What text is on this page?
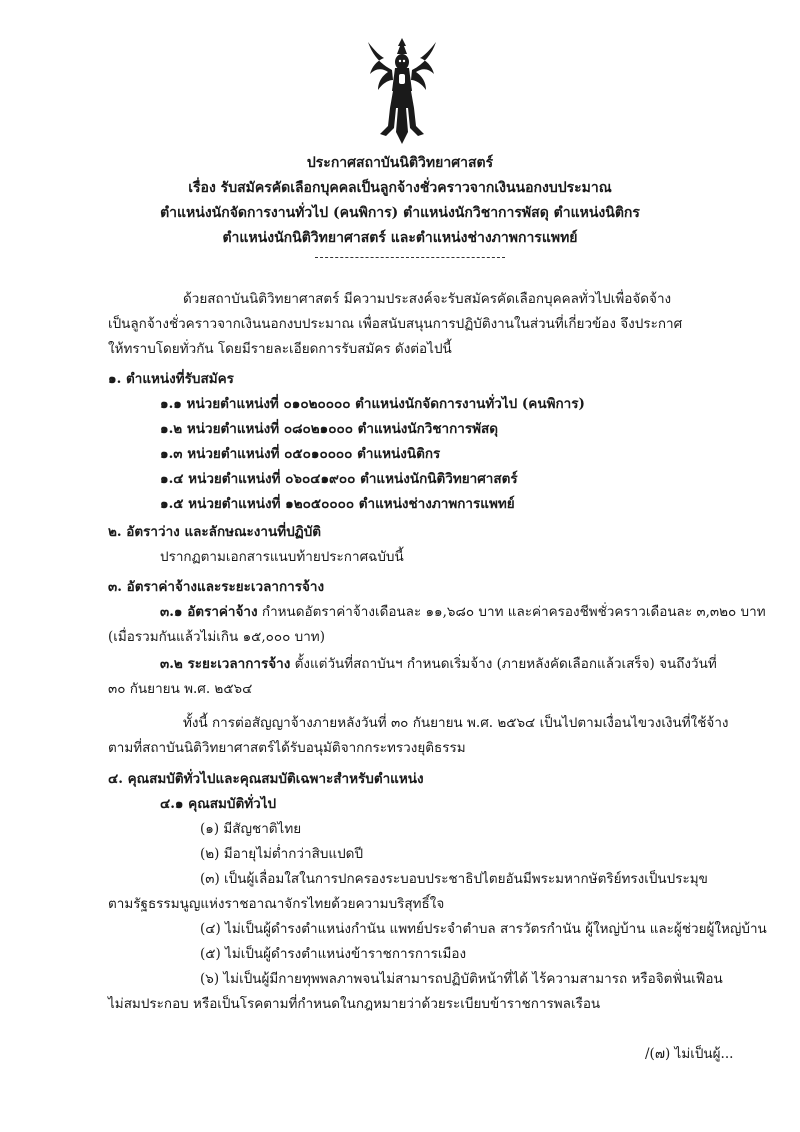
ประกาศสถาบันนิติวิทยาศาสตร์
เรื่อง รับสมัครคัดเลือกบุคคลเป็นลูกจ้างชั่วคราวจากเงินนอกงบประมาณ
ตำแหน่งนักจัดการงานทั่วไป (คนพิการ) ตำแหน่งนักวิชาการพัสดุ ตำแหน่งนิติกร
ตำแหน่งนักนิติวิทยาศาสตร์ และตำแหน่งช่างภาพการแพทย์
ด้วยสถาบันนิติวิทยาศาสตร์ มีความประสงค์จะรับสมัครคัดเลือกบุคคลทั่วไปเพื่อจัดจ้าง
เป็นลูกจ้างชั่วคราวจากเงินนอกงบประมาณ เพื่อสนับสนุนการปฏิบัติงานในส่วนที่เกี่ยวข้อง จึงประกาศ
ให้ทราบโดยทั่วกัน โดยมีรายละเอียดการรับสมัคร ดังต่อไปนี้
๑. ตำแหน่งที่รับสมัคร
๑.๑ หน่วยตำแหน่งที่ ๐๑๐๒๐๐๐๐ ตำแหน่งนักจัดการงานทั่วไป (คนพิการ)
๑.๒ หน่วยตำแหน่งที่ ๐๘๐๒๑๐๐๐ ตำแหน่งนักวิชาการพัสดุ
๑.๓ หน่วยตำแหน่งที่ ๐๕๐๑๐๐๐๐ ตำแหน่งนิติกร
๑.๔ หน่วยตำแหน่งที่ ๐๖๐๔๑๙๐๐ ตำแหน่งนักนิติวิทยาศาสตร์
๑.๕ หน่วยตำแหน่งที่ ๑๒๐๕๐๐๐๐ ตำแหน่งช่างภาพการแพทย์
๒. อัตราว่าง และลักษณะงานที่ปฏิบัติ
ปรากฏตามเอกสารแนบท้ายประกาศฉบับนี้
๓. อัตราค่าจ้างและระยะเวลาการจ้าง
๓.๑ อัตราค่าจ้าง กำหนดอัตราค่าจ้างเดือนละ ๑๑,๖๘๐ บาท และค่าครองชีพชั่วคราวเดือนละ ๓,๓๒๐ บาท
(เมื่อรวมกันแล้วไม่เกิน ๑๕,๐๐๐ บาท)
๓.๒ ระยะเวลาการจ้าง ตั้งแต่วันที่สถาบันฯ กำหนดเริ่มจ้าง (ภายหลังคัดเลือกแล้วเสร็จ) จนถึงวันที่
๓๐ กันยายน พ.ศ. ๒๕๖๔
ทั้งนี้ การต่อสัญญาจ้างภายหลังวันที่ ๓๐ กันยายน พ.ศ. ๒๕๖๔ เป็นไปตามเงื่อนไขวงเงินที่ใช้จ้าง
ตามที่สถาบันนิติวิทยาศาสตร์ได้รับอนุมัติจากกระทรวงยุติธรรม
๔. คุณสมบัติทั่วไปและคุณสมบัติเฉพาะสำหรับตำแหน่ง
๔.๑ คุณสมบัติทั่วไป
(๑) มีสัญชาติไทย
(๒) มีอายุไม่ต่ำกว่าสิบแปดปี
(๓) เป็นผู้เลื่อมใสในการปกครองระบอบประชาธิปไตยอันมีพระมหากษัตริย์ทรงเป็นประมุข
ตามรัฐธรรมนูญแห่งราชอาณาจักรไทยด้วยความบริสุทธิ์ใจ
(๔) ไม่เป็นผู้ดำรงตำแหน่งกำนัน แพทย์ประจำตำบล สารวัตรกำนัน ผู้ใหญ่บ้าน และผู้ช่วยผู้ใหญ่บ้าน
(๕) ไม่เป็นผู้ดำรงตำแหน่งข้าราชการการเมือง
(๖) ไม่เป็นผู้มีกายทุพพลภาพจนไม่สามารถปฏิบัติหน้าที่ได้ ไร้ความสามารถ หรือจิตฟั่นเฟือน
ไม่สมประกอบ หรือเป็นโรคตามที่กำหนดในกฎหมายว่าด้วยระเบียบข้าราชการพลเรือน
/(๗) ไม่เป็นผู้...
